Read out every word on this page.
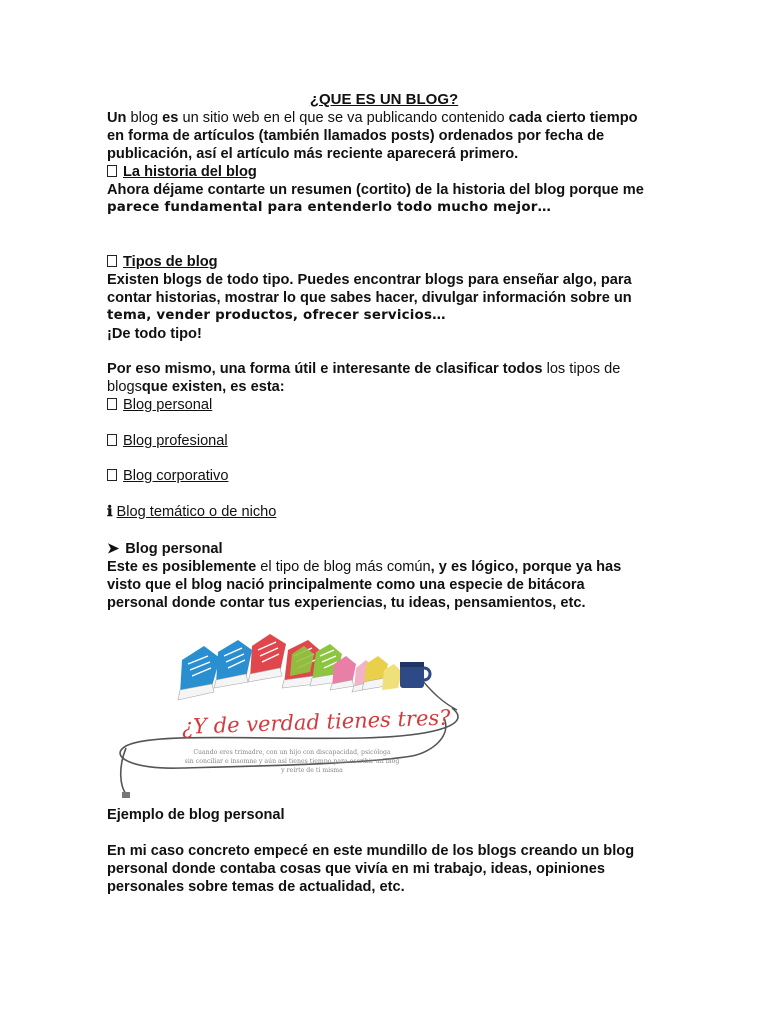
¿QUE ES UN BLOG?
Un blog es un sitio web en el que se va publicando contenido cada cierto tiempo
en forma de artículos (también llamados posts) ordenados por fecha de
publicación, así el artículo más reciente aparecerá primero.
La historia del blog
Ahora déjame contarte un resumen (cortito) de la historia del blog porque me
parece fundamental para entenderlo todo mucho mejor…
Tipos de blog
Existen blogs de todo tipo. Puedes encontrar blogs para enseñar algo, para
contar historias, mostrar lo que sabes hacer, divulgar información sobre un
tema, vender productos, ofrecer servicios…
¡De todo tipo!
Por eso mismo, una forma útil e interesante de clasificar todos los tipos de
blogsque existen, es esta:
Blog personal
Blog profesional
Blog corporativo
ℹ Blog temático o de nicho
➤ Blog personal
Este es posiblemente el tipo de blog más común, y es lógico, porque ya has
visto que el blog nació principalmente como una especie de bitácora
personal donde contar tus experiencias, tu ideas, pensamientos, etc.
¿Y de verdad tienes tres?
Cuando eres trimadre, con un hijo con discapacidad, psicóloga
sin conciliar e insomne y aún así tienes tiempo para escribir un blog
y reírte de ti misma
Ejemplo de blog personal
En mi caso concreto empecé en este mundillo de los blogs creando un blog
personal donde contaba cosas que vivía en mi trabajo, ideas, opiniones
personales sobre temas de actualidad, etc.
